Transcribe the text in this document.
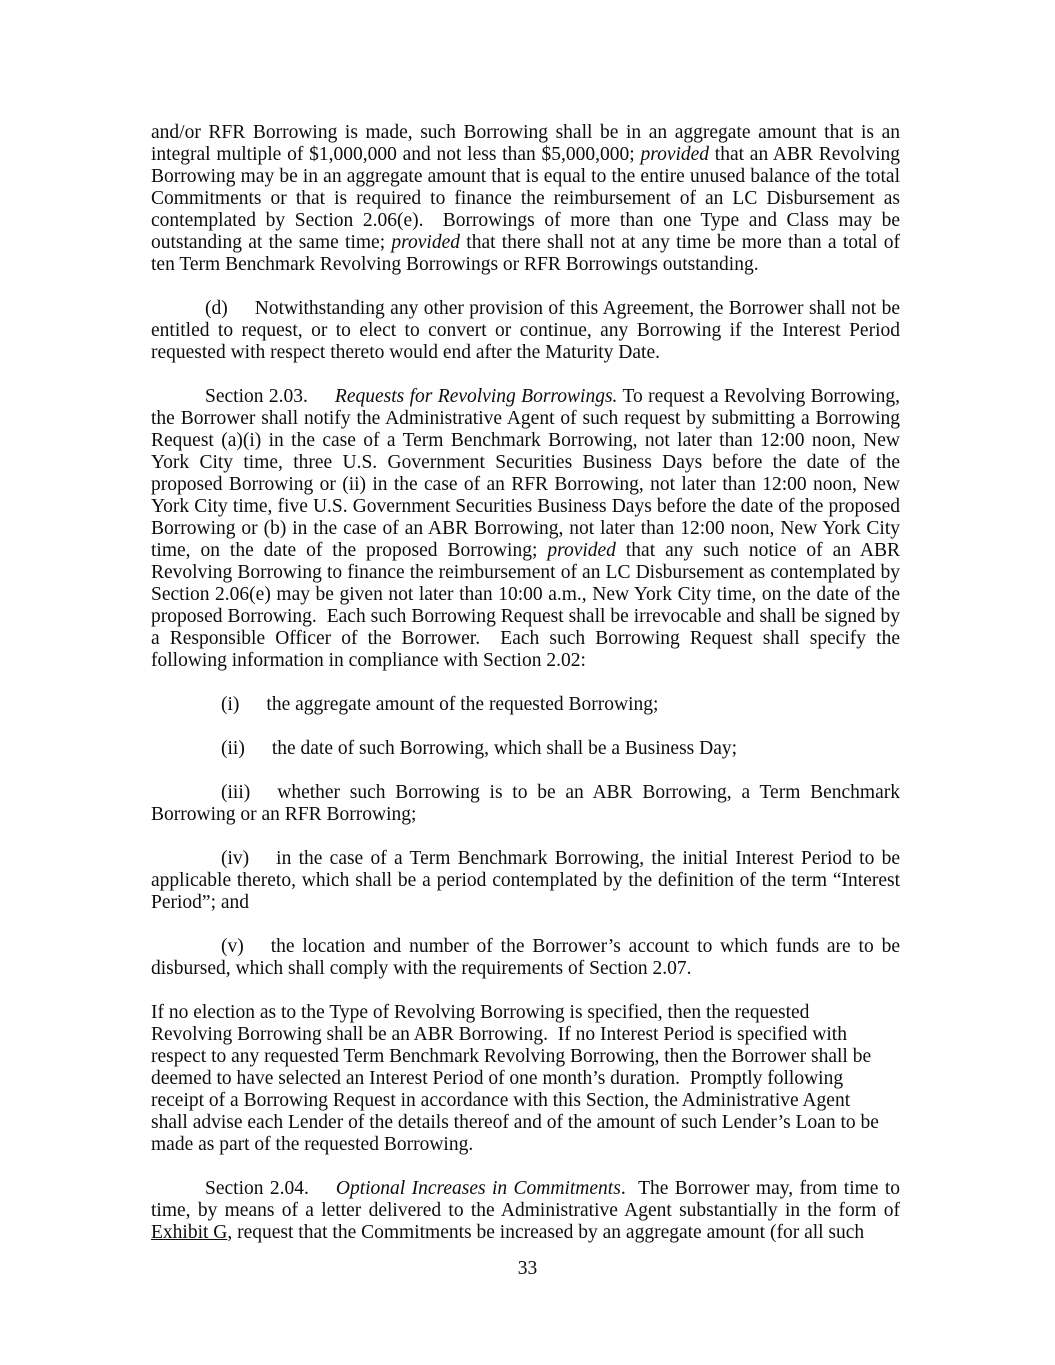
and/or RFR Borrowing is made, such Borrowing shall be in an aggregate amount that is an integral multiple of $1,000,000 and not less than $5,000,000; provided that an ABR Revolving Borrowing may be in an aggregate amount that is equal to the entire unused balance of the total Commitments or that is required to finance the reimbursement of an LC Disbursement as contemplated by Section 2.06(e).  Borrowings of more than one Type and Class may be outstanding at the same time; provided that there shall not at any time be more than a total of ten Term Benchmark Revolving Borrowings or RFR Borrowings outstanding.

(d) Notwithstanding any other provision of this Agreement, the Borrower shall not be entitled to request, or to elect to convert or continue, any Borrowing if the Interest Period requested with respect thereto would end after the Maturity Date.

Section 2.03. Requests for Revolving Borrowings. To request a Revolving Borrowing, the Borrower shall notify the Administrative Agent of such request by submitting a Borrowing Request (a)(i) in the case of a Term Benchmark Borrowing, not later than 12:00 noon, New York City time, three U.S. Government Securities Business Days before the date of the proposed Borrowing or (ii) in the case of an RFR Borrowing, not later than 12:00 noon, New York City time, five U.S. Government Securities Business Days before the date of the proposed Borrowing or (b) in the case of an ABR Borrowing, not later than 12:00 noon, New York City time, on the date of the proposed Borrowing; provided that any such notice of an ABR Revolving Borrowing to finance the reimbursement of an LC Disbursement as contemplated by Section 2.06(e) may be given not later than 10:00 a.m., New York City time, on the date of the proposed Borrowing.  Each such Borrowing Request shall be irrevocable and shall be signed by a Responsible Officer of the Borrower.  Each such Borrowing Request shall specify the following information in compliance with Section 2.02:

(i) the aggregate amount of the requested Borrowing;

(ii) the date of such Borrowing, which shall be a Business Day;

(iii) whether such Borrowing is to be an ABR Borrowing, a Term Benchmark Borrowing or an RFR Borrowing;

(iv) in the case of a Term Benchmark Borrowing, the initial Interest Period to be applicable thereto, which shall be a period contemplated by the definition of the term “Interest Period”; and

(v) the location and number of the Borrower’s account to which funds are to be disbursed, which shall comply with the requirements of Section 2.07.

If no election as to the Type of Revolving Borrowing is specified, then the requested Revolving Borrowing shall be an ABR Borrowing.  If no Interest Period is specified with respect to any requested Term Benchmark Revolving Borrowing, then the Borrower shall be deemed to have selected an Interest Period of one month’s duration.  Promptly following receipt of a Borrowing Request in accordance with this Section, the Administrative Agent shall advise each Lender of the details thereof and of the amount of such Lender’s Loan to be made as part of the requested Borrowing.

Section 2.04. Optional Increases in Commitments.  The Borrower may, from time to time, by means of a letter delivered to the Administrative Agent substantially in the form of Exhibit G, request that the Commitments be increased by an aggregate amount (for all such

33
